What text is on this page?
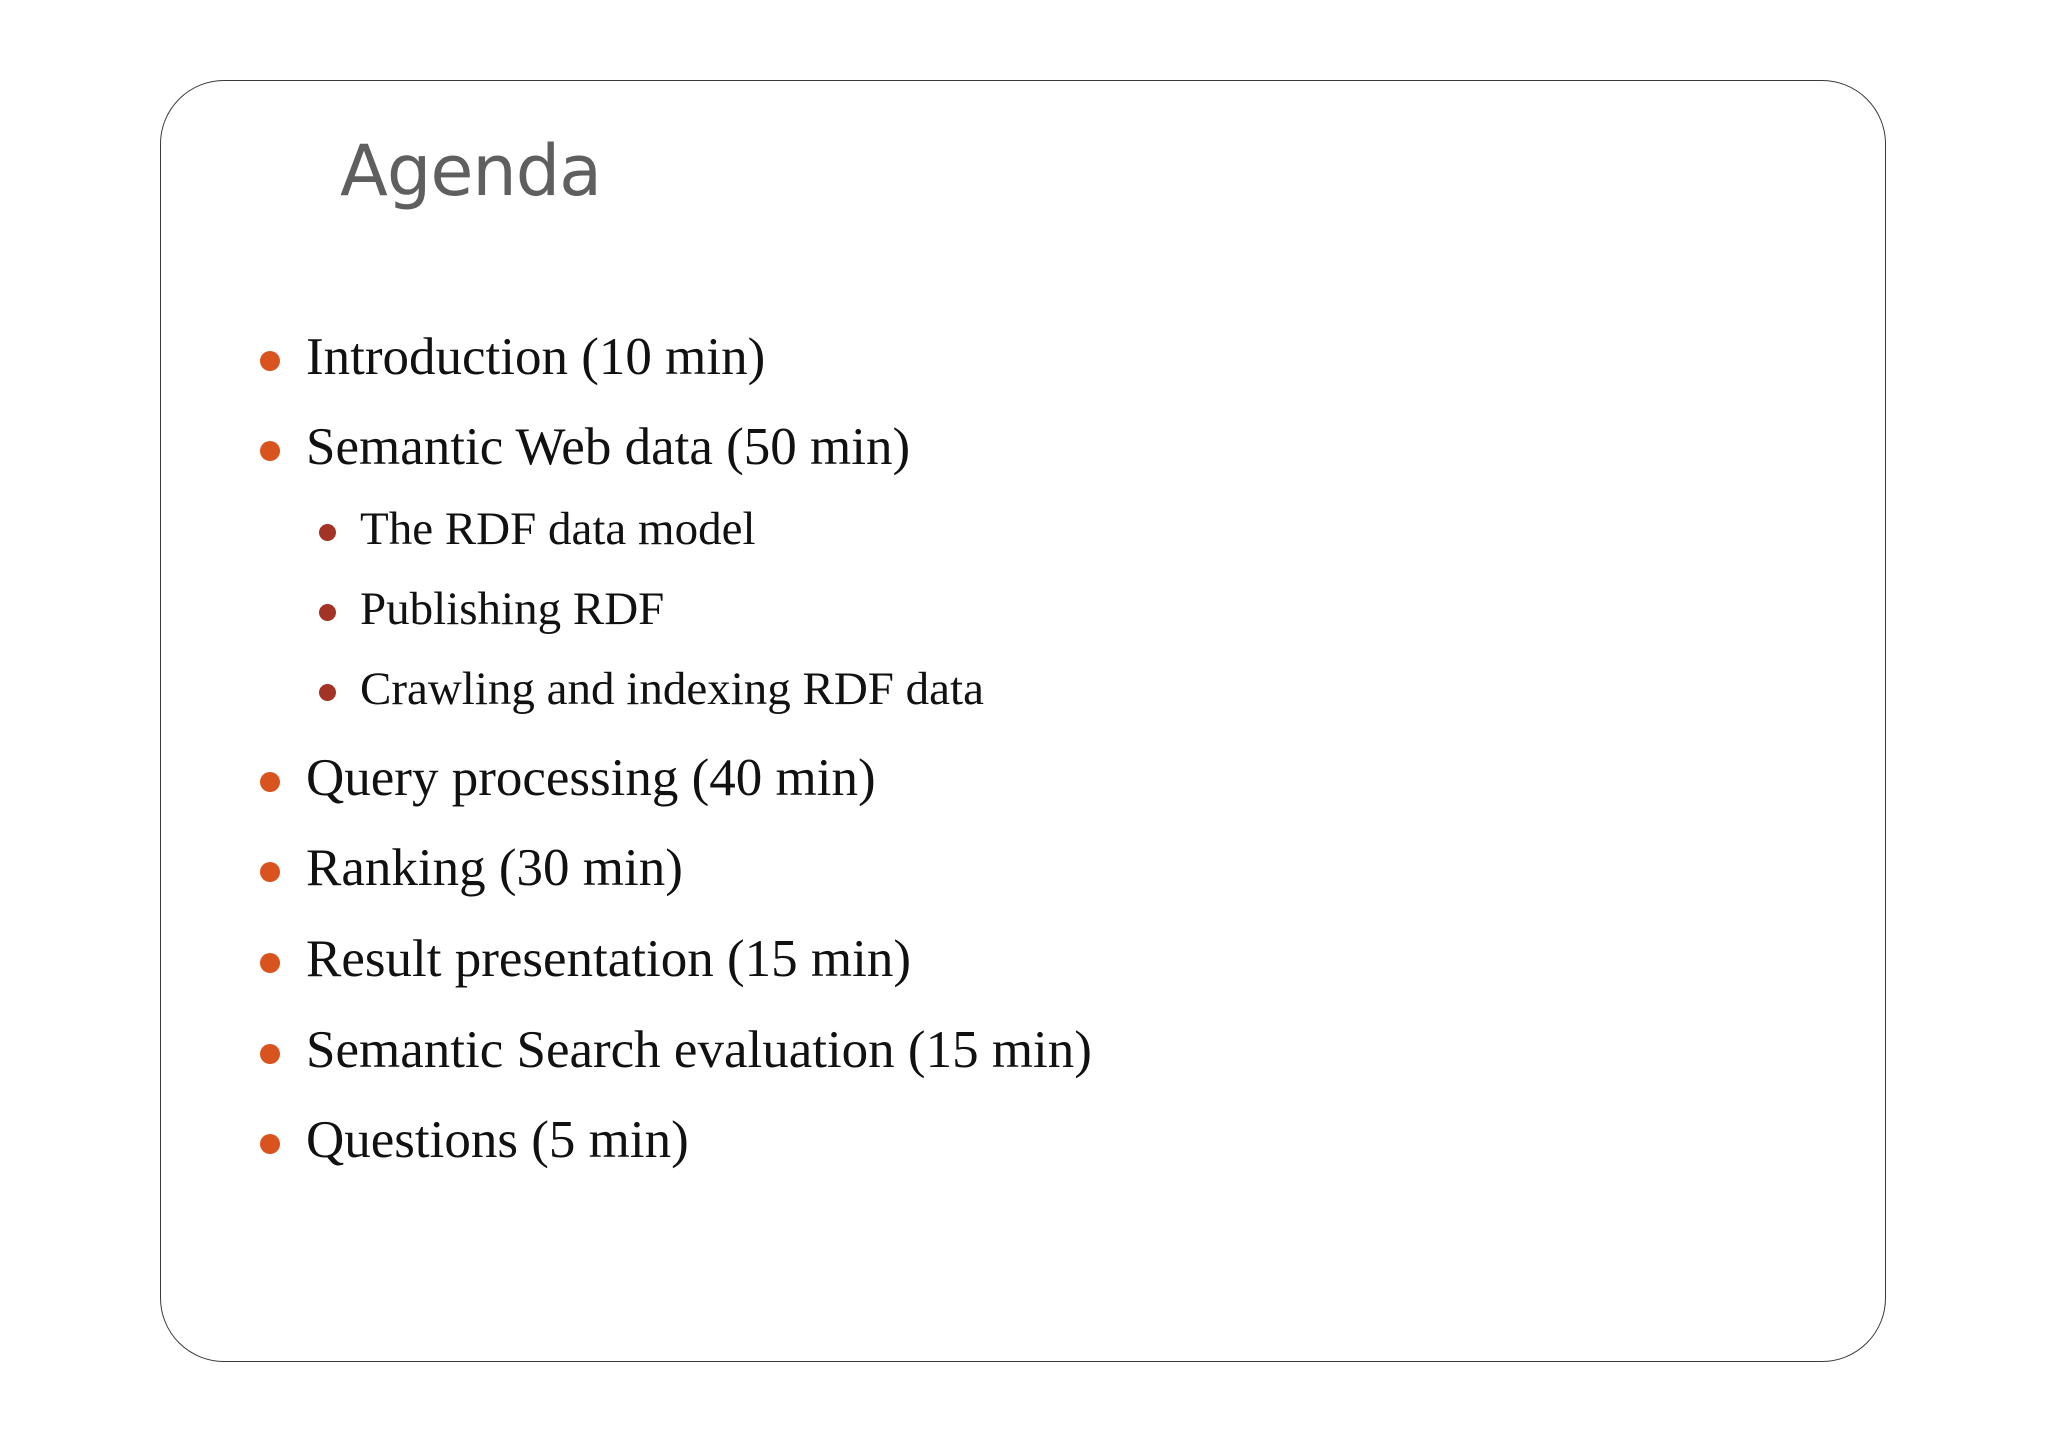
Agenda
Introduction (10 min)
Semantic Web data (50 min)
The RDF data model
Publishing RDF
Crawling and indexing RDF data
Query processing (40 min)
Ranking (30 min)
Result presentation (15 min)
Semantic Search evaluation (15 min)
Questions (5 min)
